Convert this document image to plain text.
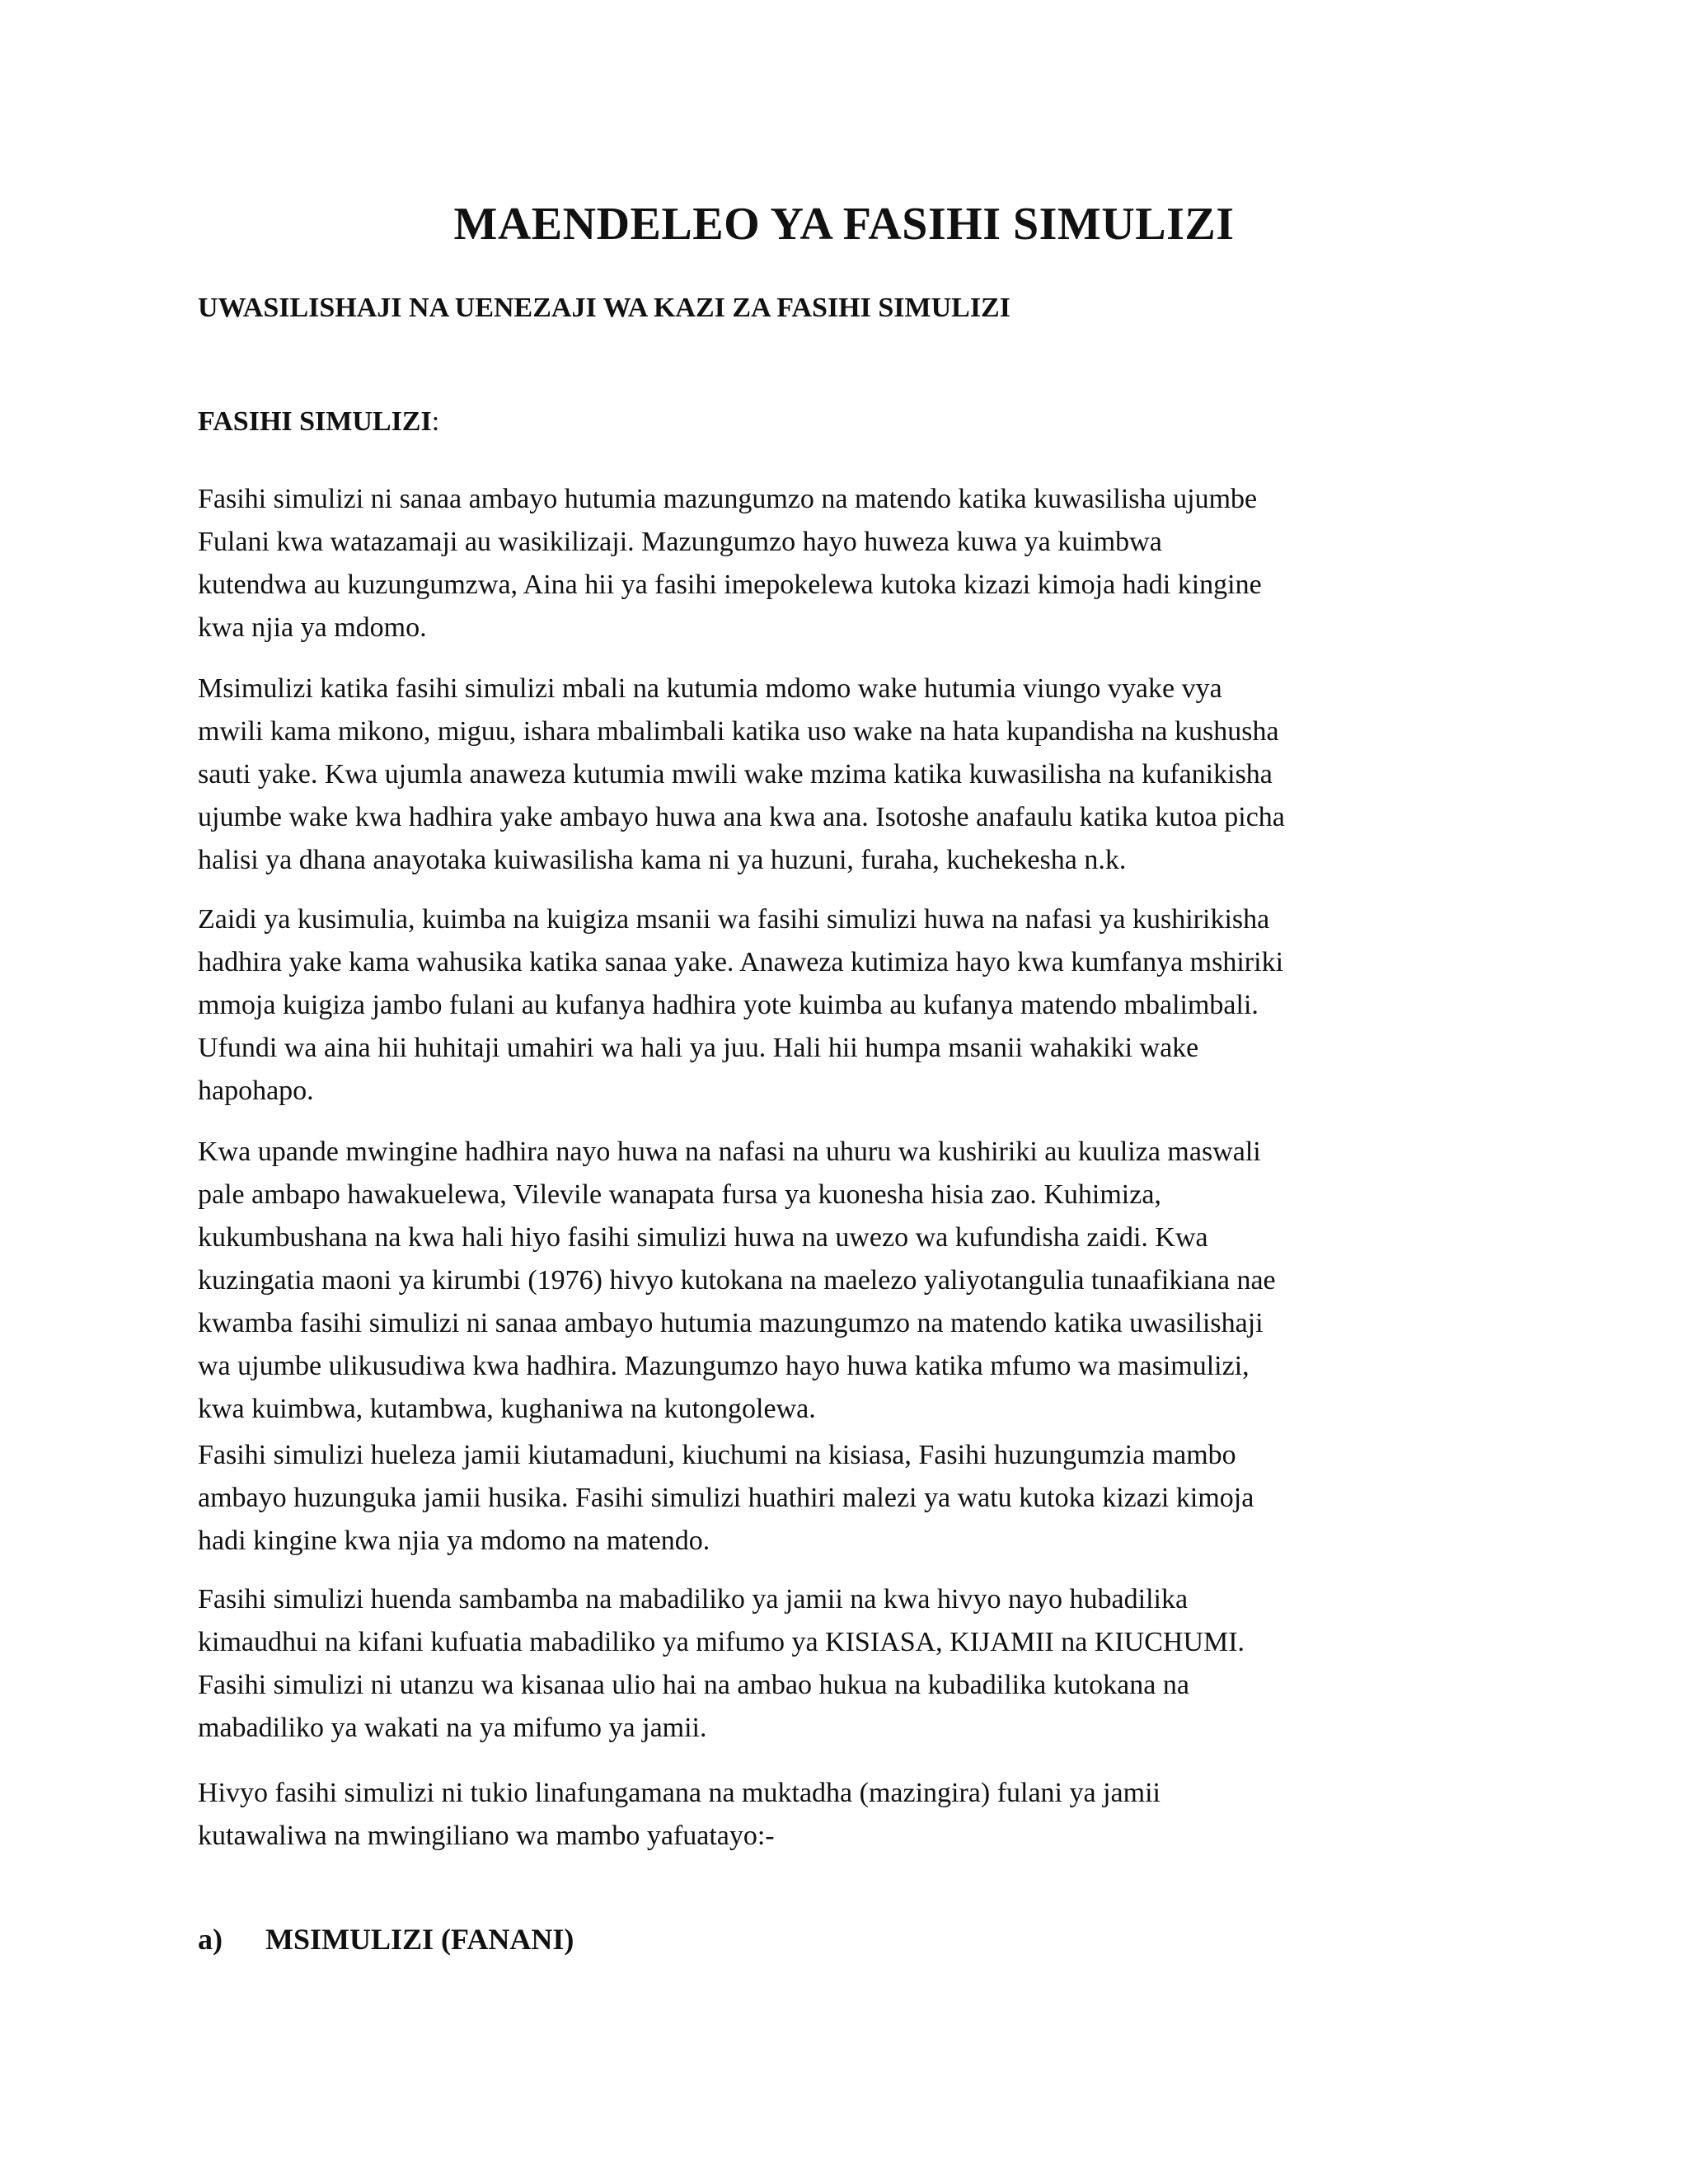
MAENDELEO YA FASIHI SIMULIZI
UWASILISHAJI NA UENEZAJI WA KAZI ZA FASIHI SIMULIZI
FASIHI SIMULIZI:
Fasihi simulizi ni sanaa ambayo hutumia mazungumzo na matendo katika kuwasilisha ujumbe
Fulani kwa watazamaji au wasikilizaji. Mazungumzo hayo huweza kuwa ya kuimbwa
kutendwa au kuzungumzwa, Aina hii ya fasihi imepokelewa kutoka kizazi kimoja hadi kingine
kwa njia ya mdomo.
Msimulizi katika fasihi simulizi mbali na kutumia mdomo wake hutumia viungo vyake vya
mwili kama mikono, miguu, ishara mbalimbali katika uso wake na hata kupandisha na kushusha
sauti yake. Kwa ujumla anaweza kutumia mwili wake mzima katika kuwasilisha na kufanikisha
ujumbe wake kwa hadhira yake ambayo huwa ana kwa ana. Isotoshe anafaulu katika kutoa picha
halisi ya dhana anayotaka kuiwasilisha kama ni ya huzuni, furaha, kuchekesha n.k.
Zaidi ya kusimulia, kuimba na kuigiza msanii wa fasihi simulizi huwa na nafasi ya kushirikisha
hadhira yake kama wahusika katika sanaa yake. Anaweza kutimiza hayo kwa kumfanya mshiriki
mmoja kuigiza jambo fulani au kufanya hadhira yote kuimba au kufanya matendo mbalimbali.
Ufundi wa aina hii huhitaji umahiri wa hali ya juu. Hali hii humpa msanii wahakiki wake
hapohapo.
Kwa upande mwingine hadhira nayo huwa na nafasi na uhuru wa kushiriki au kuuliza maswali
pale ambapo hawakuelewa, Vilevile wanapata fursa ya kuonesha hisia zao. Kuhimiza,
kukumbushana na kwa hali hiyo fasihi simulizi huwa na uwezo wa kufundisha zaidi. Kwa
kuzingatia maoni ya kirumbi (1976) hivyo kutokana na maelezo yaliyotangulia tunaafikiana nae
kwamba fasihi simulizi ni sanaa ambayo hutumia mazungumzo na matendo katika uwasilishaji
wa ujumbe ulikusudiwa kwa hadhira. Mazungumzo hayo huwa katika mfumo wa masimulizi,
kwa kuimbwa, kutambwa, kughaniwa na kutongolewa.
Fasihi simulizi hueleza jamii kiutamaduni, kiuchumi na kisiasa, Fasihi huzungumzia mambo
ambayo huzunguka jamii husika. Fasihi simulizi huathiri malezi ya watu kutoka kizazi kimoja
hadi kingine kwa njia ya mdomo na matendo.
Fasihi simulizi huenda sambamba na mabadiliko ya jamii na kwa hivyo nayo hubadilika
kimaudhui na kifani kufuatia mabadiliko ya mifumo ya KISIASA, KIJAMII na KIUCHUMI.
Fasihi simulizi ni utanzu wa kisanaa ulio hai na ambao hukua na kubadilika kutokana na
mabadiliko ya wakati na ya mifumo ya jamii.
Hivyo fasihi simulizi ni tukio linafungamana na muktadha (mazingira) fulani ya jamii
kutawaliwa na mwingiliano wa mambo yafuatayo:-
a) MSIMULIZI (FANANI)
